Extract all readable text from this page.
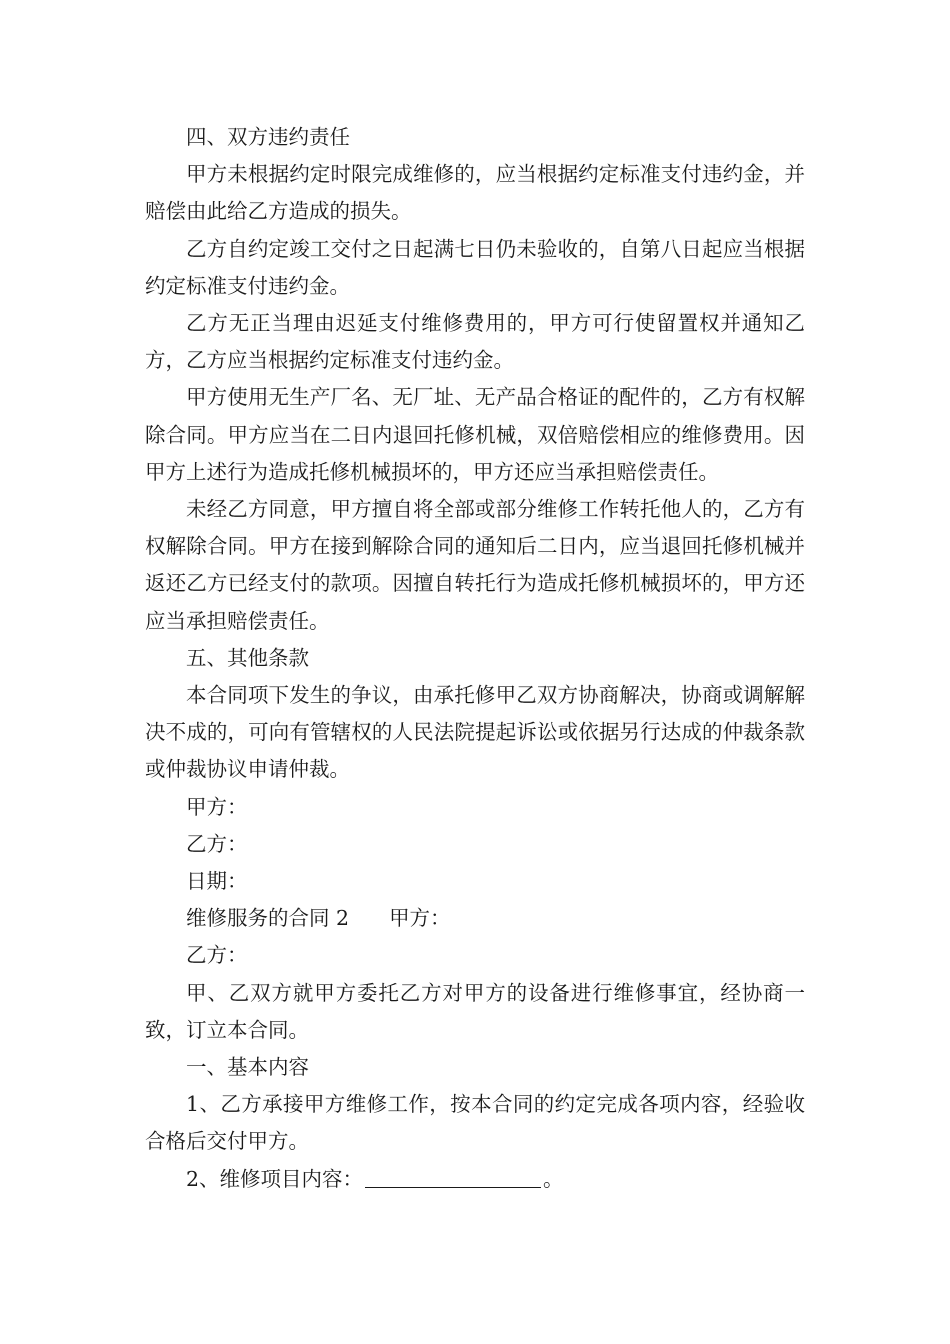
四、双方违约责任

甲方未根据约定时限完成维修的，应当根据约定标准支付违约金，并赔偿由此给乙方造成的损失。

乙方自约定竣工交付之日起满七日仍未验收的，自第八日起应当根据约定标准支付违约金。

乙方无正当理由迟延支付维修费用的，甲方可行使留置权并通知乙方，乙方应当根据约定标准支付违约金。

甲方使用无生产厂名、无厂址、无产品合格证的配件的，乙方有权解除合同。甲方应当在二日内退回托修机械，双倍赔偿相应的维修费用。因甲方上述行为造成托修机械损坏的，甲方还应当承担赔偿责任。

未经乙方同意，甲方擅自将全部或部分维修工作转托他人的，乙方有权解除合同。甲方在接到解除合同的通知后二日内，应当退回托修机械并返还乙方已经支付的款项。因擅自转托行为造成托修机械损坏的，甲方还应当承担赔偿责任。

五、其他条款

本合同项下发生的争议，由承托修甲乙双方协商解决，协商或调解解决不成的，可向有管辖权的人民法院提起诉讼或依据另行达成的仲裁条款或仲裁协议申请仲裁。

甲方：

乙方：

日期：

维修服务的合同 2 甲方：

乙方：

甲、乙双方就甲方委托乙方对甲方的设备进行维修事宜，经协商一致，订立本合同。

一、基本内容

1、乙方承接甲方维修工作，按本合同的约定完成各项内容，经验收合格后交付甲方。

2、维修项目内容：	。
